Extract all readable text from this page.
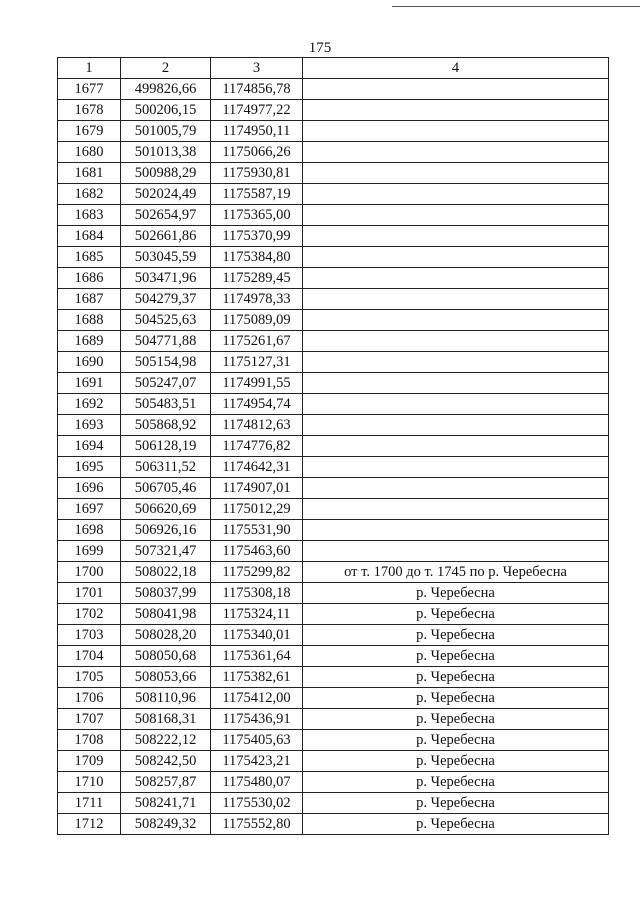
175
1	2	3	4
1677	499826,66	1174856,78	
1678	500206,15	1174977,22	
1679	501005,79	1174950,11	
1680	501013,38	1175066,26	
1681	500988,29	1175930,81	
1682	502024,49	1175587,19	
1683	502654,97	1175365,00	
1684	502661,86	1175370,99	
1685	503045,59	1175384,80	
1686	503471,96	1175289,45	
1687	504279,37	1174978,33	
1688	504525,63	1175089,09	
1689	504771,88	1175261,67	
1690	505154,98	1175127,31	
1691	505247,07	1174991,55	
1692	505483,51	1174954,74	
1693	505868,92	1174812,63	
1694	506128,19	1174776,82	
1695	506311,52	1174642,31	
1696	506705,46	1174907,01	
1697	506620,69	1175012,29	
1698	506926,16	1175531,90	
1699	507321,47	1175463,60	
1700	508022,18	1175299,82	от т. 1700 до т. 1745 по р. Черебесна
1701	508037,99	1175308,18	р. Черебесна
1702	508041,98	1175324,11	р. Черебесна
1703	508028,20	1175340,01	р. Черебесна
1704	508050,68	1175361,64	р. Черебесна
1705	508053,66	1175382,61	р. Черебесна
1706	508110,96	1175412,00	р. Черебесна
1707	508168,31	1175436,91	р. Черебесна
1708	508222,12	1175405,63	р. Черебесна
1709	508242,50	1175423,21	р. Черебесна
1710	508257,87	1175480,07	р. Черебесна
1711	508241,71	1175530,02	р. Черебесна
1712	508249,32	1175552,80	р. Черебесна
